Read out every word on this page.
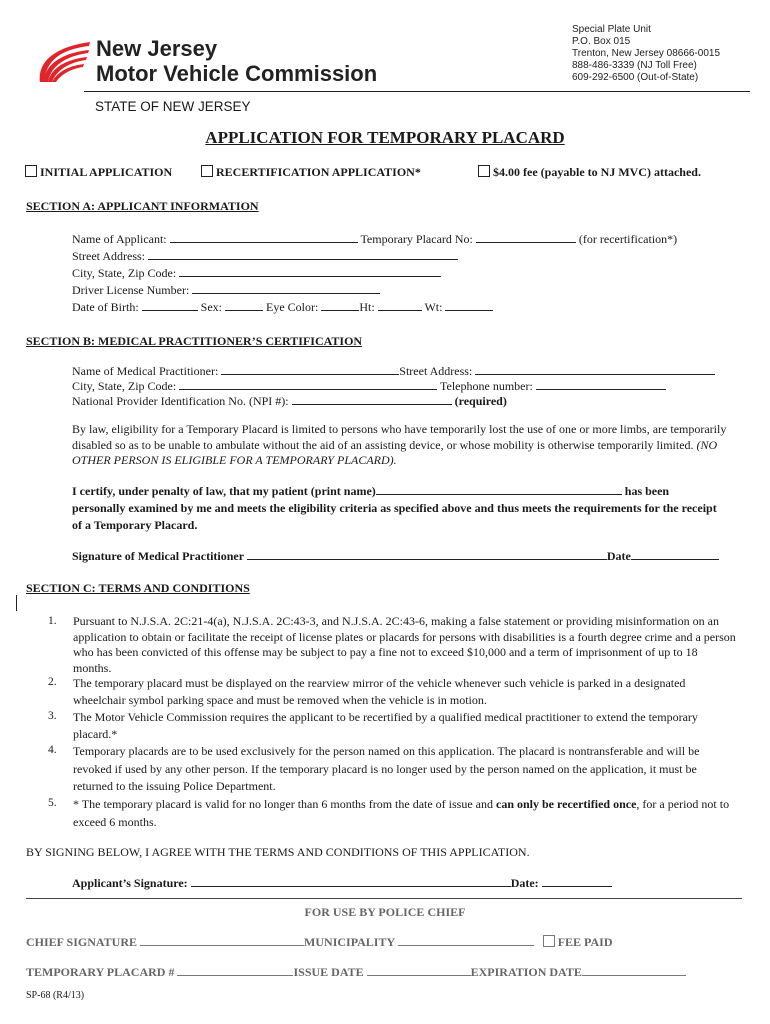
New Jersey
Motor Vehicle Commission
Special Plate Unit
P.O. Box 015
Trenton, New Jersey 08666-0015
888-486-3339 (NJ Toll Free)
609-292-6500 (Out-of-State)
STATE OF NEW JERSEY
APPLICATION FOR TEMPORARY PLACARD
INITIAL APPLICATION	RECERTIFICATION APPLICATION*	$4.00 fee (payable to NJ MVC) attached.
SECTION A: APPLICANT INFORMATION
Name of Applicant:	Temporary Placard No:	(for recertification*)
Street Address:
City, State, Zip Code:
Driver License Number:
Date of Birth:	Sex:	Eye Color:	Ht:	Wt:
SECTION B: MEDICAL PRACTITIONER’S CERTIFICATION
Name of Medical Practitioner:	Street Address:
City, State, Zip Code:	Telephone number:
National Provider Identification No. (NPI #):	(required)
By law, eligibility for a Temporary Placard is limited to persons who have temporarily lost the use of one or more limbs, are temporarily disabled so as to be unable to ambulate without the aid of an assisting device, or whose mobility is otherwise temporarily limited. (NO OTHER PERSON IS ELIGIBLE FOR A TEMPORARY PLACARD).
I certify, under penalty of law, that my patient (print name)	has been personally examined by me and meets the eligibility criteria as specified above and thus meets the requirements for the receipt of a Temporary Placard.
Signature of Medical Practitioner	Date
SECTION C: TERMS AND CONDITIONS
1. Pursuant to N.J.S.A. 2C:21-4(a), N.J.S.A. 2C:43-3, and N.J.S.A. 2C:43-6, making a false statement or providing misinformation on an application to obtain or facilitate the receipt of license plates or placards for persons with disabilities is a fourth degree crime and a person who has been convicted of this offense may be subject to pay a fine not to exceed $10,000 and a term of imprisonment of up to 18 months.
2. The temporary placard must be displayed on the rearview mirror of the vehicle whenever such vehicle is parked in a designated wheelchair symbol parking space and must be removed when the vehicle is in motion.
3. The Motor Vehicle Commission requires the applicant to be recertified by a qualified medical practitioner to extend the temporary placard.*
4. Temporary placards are to be used exclusively for the person named on this application. The placard is nontransferable and will be revoked if used by any other person. If the temporary placard is no longer used by the person named on the application, it must be returned to the issuing Police Department.
5. * The temporary placard is valid for no longer than 6 months from the date of issue and can only be recertified once, for a period not to exceed 6 months.
BY SIGNING BELOW, I AGREE WITH THE TERMS AND CONDITIONS OF THIS APPLICATION.
Applicant’s Signature:	Date:
FOR USE BY POLICE CHIEF
CHIEF SIGNATURE	MUNICIPALITY	FEE PAID
TEMPORARY PLACARD #	ISSUE DATE	EXPIRATION DATE
SP-68 (R4/13)
